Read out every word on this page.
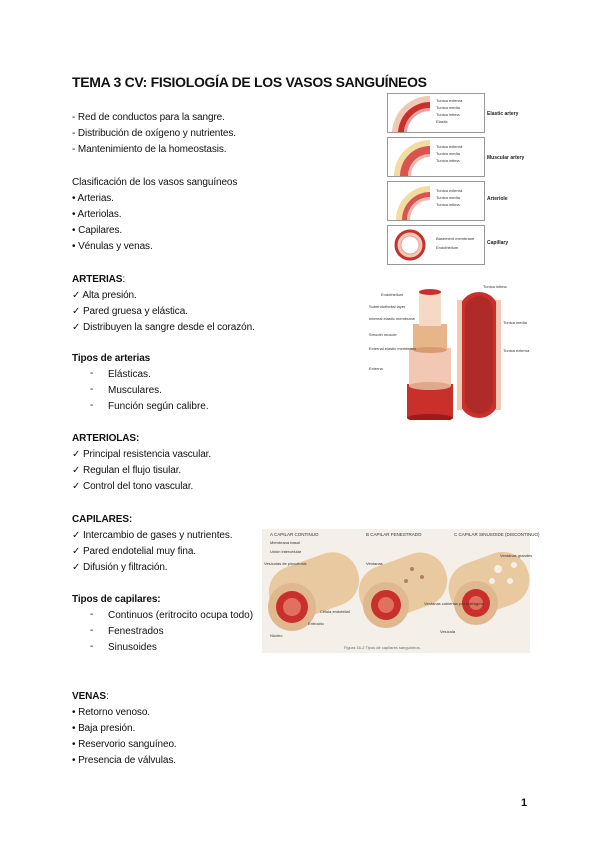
TEMA 3 CV: FISIOLOGÍA DE LOS VASOS SANGUÍNEOS
- Red de conductos para la sangre.
- Distribución de oxígeno y nutrientes.
- Mantenimiento de la homeostasis.
Clasificación de los vasos sanguíneos
• Arterias.
• Arteriolas.
• Capilares.
• Vénulas y venas.
ARTERIAS:
✓ Alta presión.
✓ Pared gruesa y elástica.
✓ Distribuyen la sangre desde el corazón.
Tipos de arterias
- Elásticas.
- Musculares.
- Función según calibre.
ARTERIOLAS:
✓ Principal resistencia vascular.
✓ Regulan el flujo tisular.
✓ Control del tono vascular.
CAPILARES:
✓ Intercambio de gases y nutrientes.
✓ Pared endotelial muy fina.
✓ Difusión y filtración.
Tipos de capilares:
- Continuos (eritrocito ocupa todo)
- Fenestrados
- Sinusoides
VENAS:
• Retorno venoso.
• Baja presión.
• Reservorio sanguíneo.
• Presencia de válvulas.
1
Tunica externa
Tunica media
Tunica intima
Elastic
Elastic artery
Tunica externa
Tunica media
Tunica intima	Muscular artery
Tunica externa
Tunica media
Tunica intima
Arteriole
Basement membrane
Endothelium
Capillary
Endothelium
Subendothelial layer
Internal elastic membrane
Smooth muscle
External elastic membrane
Externa
Tunica intima
Tunica media
Tunica externa
A CAPILAR CONTINUO	B CAPILAR FENESTRADO	C CAPILAR SINUSOIDE (DISCONTINUO)
Membrana basal
Unión intercelular
Vesículas de pinocitosis
Núcleo
Eritrocito
Célula endotelial
Ventanas
Ventanas grandes
Ventanas cubiertas por diafragma
Vesícula
Figura 16-2 Tipos de capilares sanguíneos.
